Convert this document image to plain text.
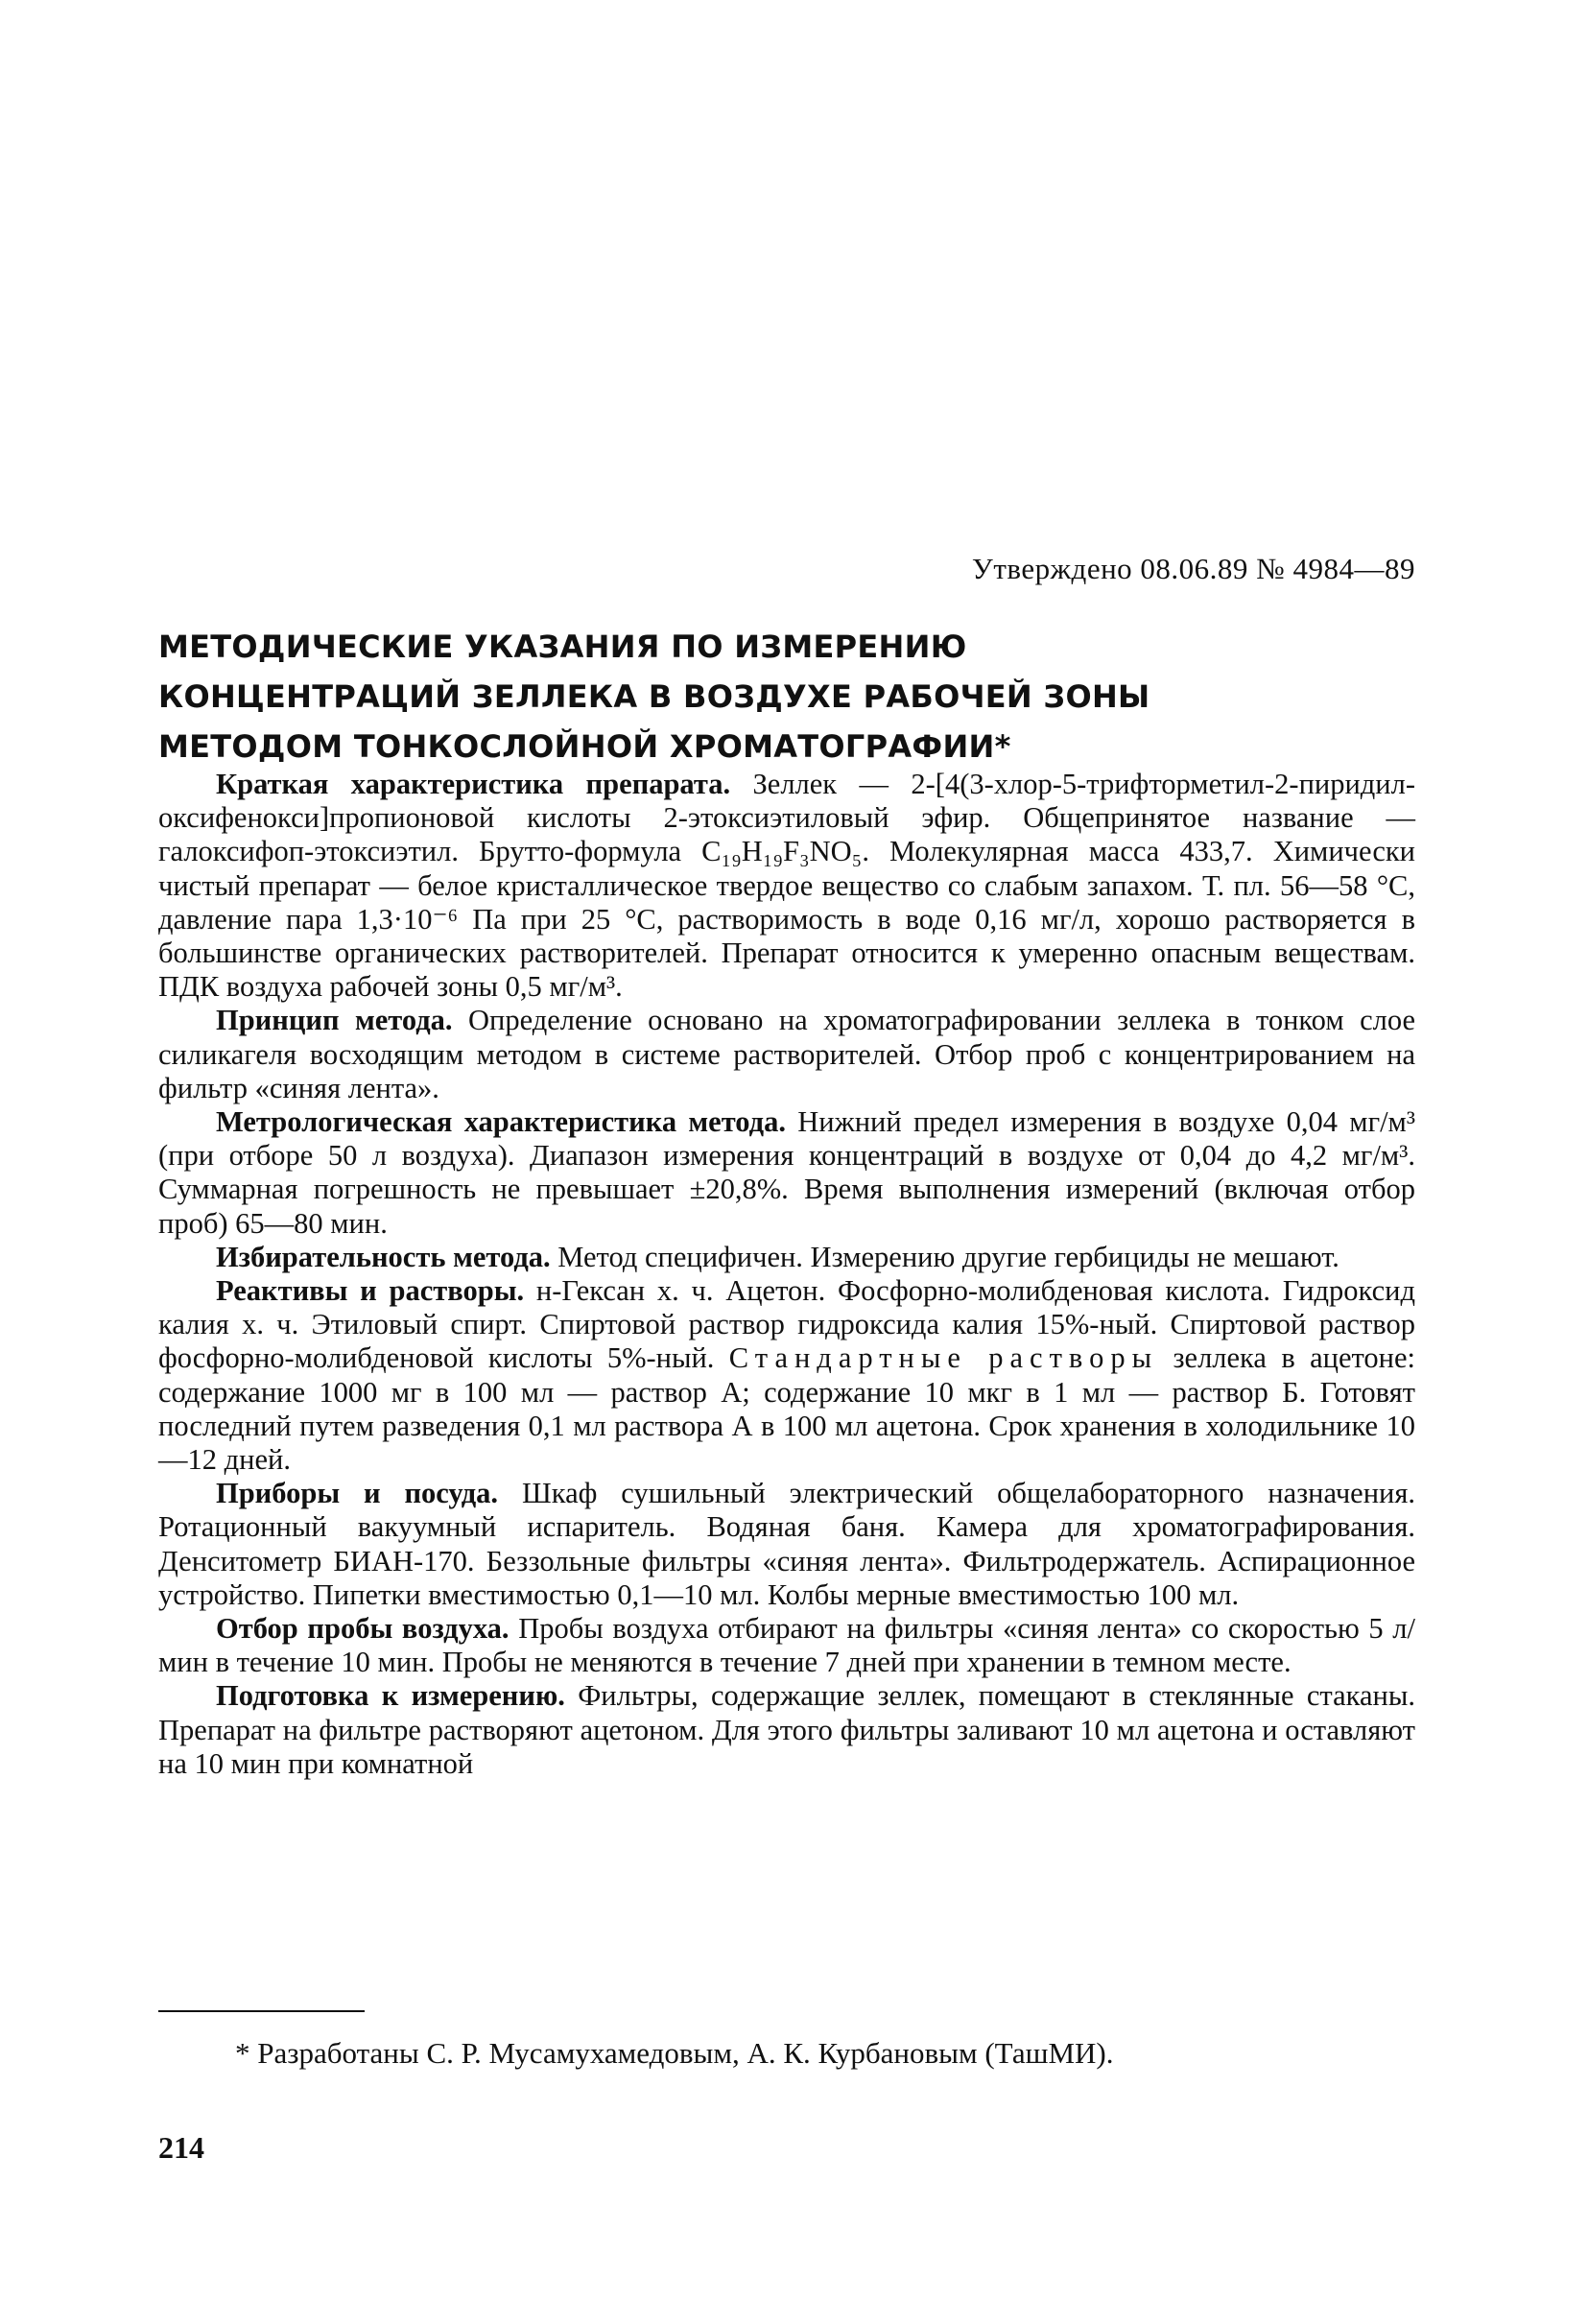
Утверждено 08.06.89 № 4984—89
МЕТОДИЧЕСКИЕ УКАЗАНИЯ ПО ИЗМЕРЕНИЮ
КОНЦЕНТРАЦИЙ ЗЕЛЛЕКА В ВОЗДУХЕ РАБОЧЕЙ ЗОНЫ
МЕТОДОМ ТОНКОСЛОЙНОЙ ХРОМАТОГРАФИИ*

Краткая характеристика препарата. Зеллек — 2-[4(3-хлор-5-трифторметил-2-пиридил-оксифенокси]пропионовой кислоты 2-этоксиэтиловый эфир. Общепринятое название — галоксифоп-этоксиэтил. Брутто-формула C₁₉H₁₉F₃NO₅. Молекулярная масса 433,7. Химически чистый препарат — белое кристаллическое твердое вещество со слабым запахом. Т. пл. 56—58 °С, давление пара 1,3·10⁻⁶ Па при 25 °С, растворимость в воде 0,16 мг/л, хорошо растворяется в большинстве органических растворителей. Препарат относится к умеренно опасным веществам. ПДК воздуха рабочей зоны 0,5 мг/м³.

Принцип метода. Определение основано на хроматографировании зеллека в тонком слое силикагеля восходящим методом в системе растворителей. Отбор проб с концентрированием на фильтр «синяя лента».

Метрологическая характеристика метода. Нижний предел измерения в воздухе 0,04 мг/м³ (при отборе 50 л воздуха). Диапазон измерения концентраций в воздухе от 0,04 до 4,2 мг/м³. Суммарная погрешность не превышает ±20,8%. Время выполнения измерений (включая отбор проб) 65—80 мин.

Избирательность метода. Метод специфичен. Измерению другие гербициды не мешают.

Реактивы и растворы. н-Гексан х. ч. Ацетон. Фосфорно-молибденовая кислота. Гидроксид калия х. ч. Этиловый спирт. Спиртовой раствор гидроксида калия 15%-ный. Спиртовой раствор фосфорно-молибденовой кислоты 5%-ный. Стандартные растворы зеллека в ацетоне: содержание 1000 мг в 100 мл — раствор А; содержание 10 мкг в 1 мл — раствор Б. Готовят последний путем разведения 0,1 мл раствора А в 100 мл ацетона. Срок хранения в холодильнике 10—12 дней.

Приборы и посуда. Шкаф сушильный электрический общелабораторного назначения. Ротационный вакуумный испаритель. Водяная баня. Камера для хроматографирования. Денситометр БИАН-170. Беззольные фильтры «синяя лента». Фильтродержатель. Аспирационное устройство. Пипетки вместимостью 0,1—10 мл. Колбы мерные вместимостью 100 мл.

Отбор пробы воздуха. Пробы воздуха отбирают на фильтры «синяя лента» со скоростью 5 л/мин в течение 10 мин. Пробы не меняются в течение 7 дней при хранении в темном месте.

Подготовка к измерению. Фильтры, содержащие зеллек, помещают в стеклянные стаканы. Препарат на фильтре растворяют ацетоном. Для этого фильтры заливают 10 мл ацетона и оставляют на 10 мин при комнатной

* Разработаны С. Р. Мусамухамедовым, А. К. Курбановым (ТашМИ).
214
